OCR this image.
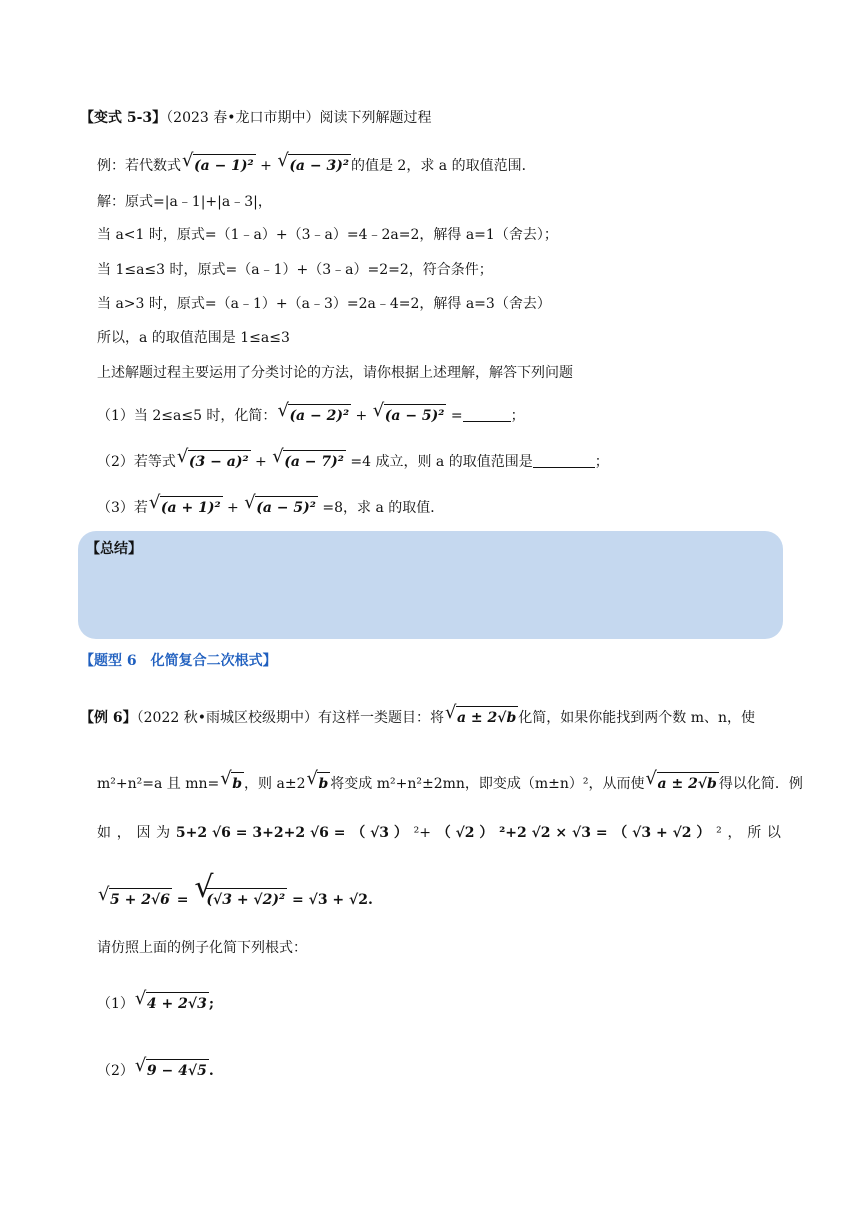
【变式 5-3】（2023 春•龙口市期中）阅读下列解题过程
例：若代数式 √ (a − 1)² + √ (a − 3)² 的值是 2，求 a 的取值范围．
解：原式=|a﹣1|+|a﹣3|，
当 a<1 时，原式=（1﹣a）+（3﹣a）=4﹣2a=2，解得 a=1（舍去）；
当 1≤a≤3 时，原式=（a﹣1）+（3﹣a）=2=2，符合条件；
当 a>3 时，原式=（a﹣1）+（a﹣3）=2a﹣4=2，解得 a=3（舍去）
所以，a 的取值范围是 1≤a≤3
上述解题过程主要运用了分类讨论的方法，请你根据上述理解，解答下列问题
（1）当 2≤a≤5 时，化简： √ (a − 2)² + √ (a − 5)² =	；
（2）若等式 √ (3 − a)² + √ (a − 7)² =4 成立，则 a 的取值范围是	；
（3）若 √ (a + 1)² + √ (a − 5)² =8，求 a 的取值．
【总结】
【题型 6　化简复合二次根式】
【例 6】（2022 秋•雨城区校级期中）有这样一类题目：将 √ a ± 2√b 化简，如果你能找到两个数 m、n，使
m²+n²=a 且 mn= √ b ，则 a±2 √ b 将变成 m²+n²±2mn，即变成（m±n）²，从而使 √ a ± 2√b 得以化简．例
如 ， 因 为 5+2 √6 = 3+2+2 √6 = （ √3 ） ²+ （ √2 ） ²+2 √2 × √3 = （ √3 + √2 ） ² ， 所 以
√ 5 + 2√6 = √ (√3 + √2)² = √3 + √2.
请仿照上面的例子化简下列根式：
（1） √ 4 + 2√3 ;
（2） √ 9 − 4√5 .
